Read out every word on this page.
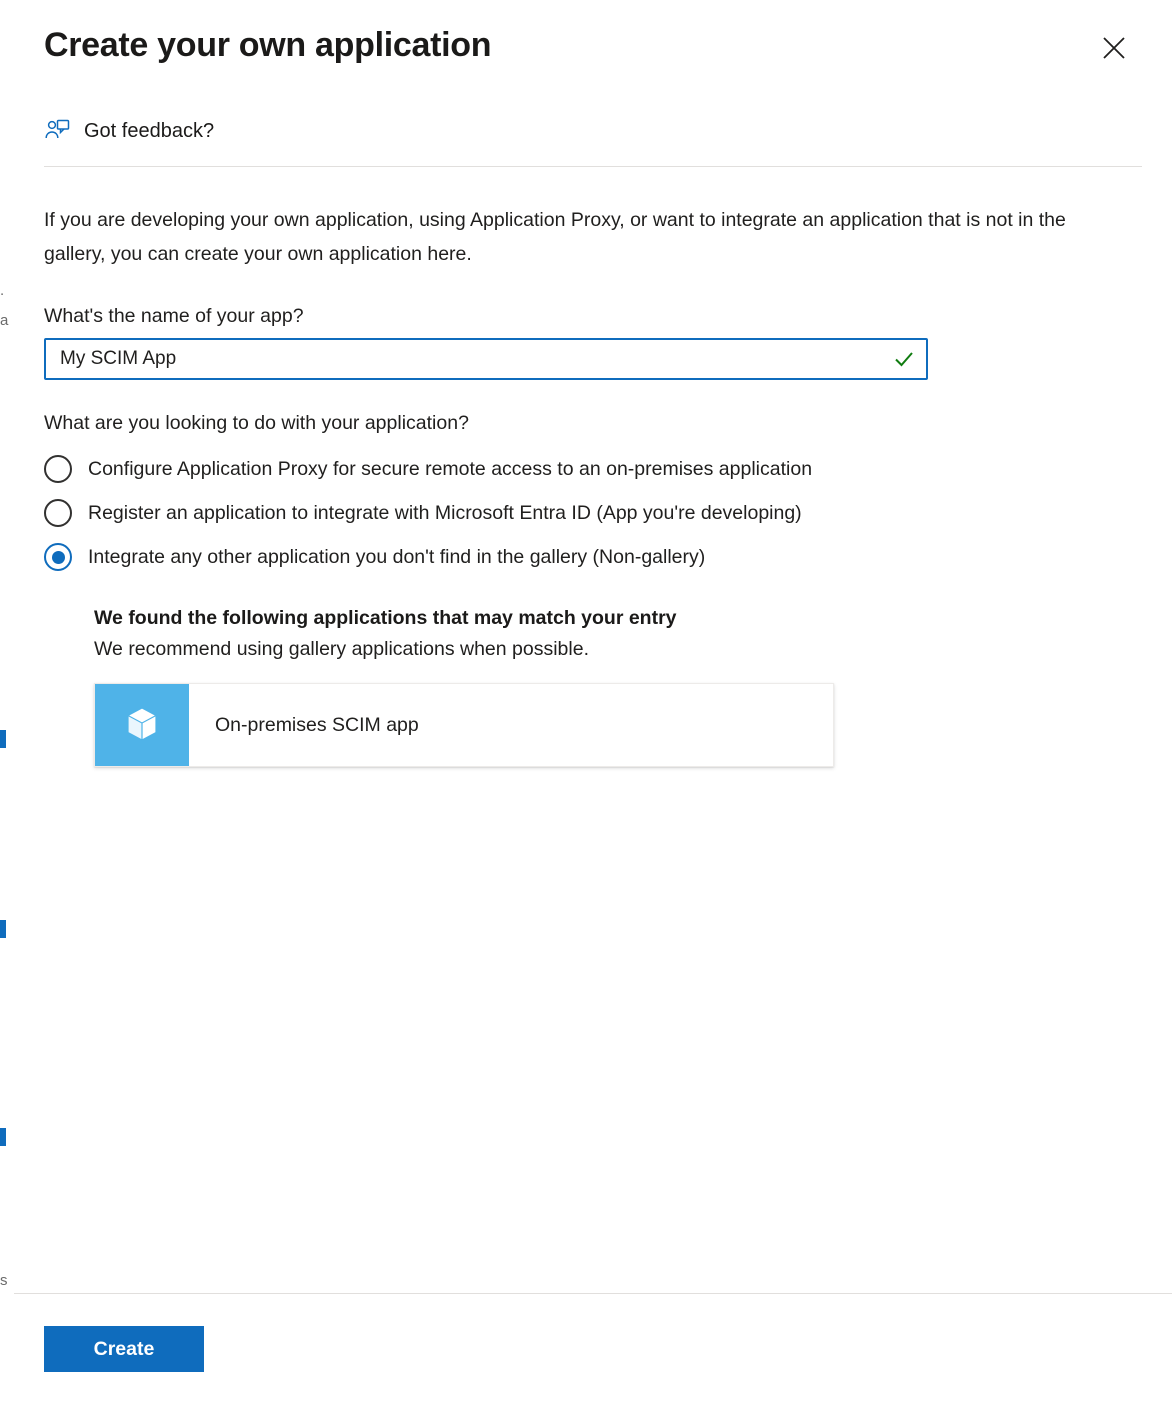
.
a
s
Create your own application
Got feedback?

If you are developing your own application, using Application Proxy, or want to integrate an application that is not in the gallery, you can create your own application here.

What's the name of your app?
My SCIM App
What are you looking to do with your application?
Configure Application Proxy for secure remote access to an on-premises application
Register an application to integrate with Microsoft Entra ID (App you're developing)
Integrate any other application you don't find in the gallery (Non-gallery)

We found the following applications that may match your entry

We recommend using gallery applications when possible.

On-premises SCIM app
Create
